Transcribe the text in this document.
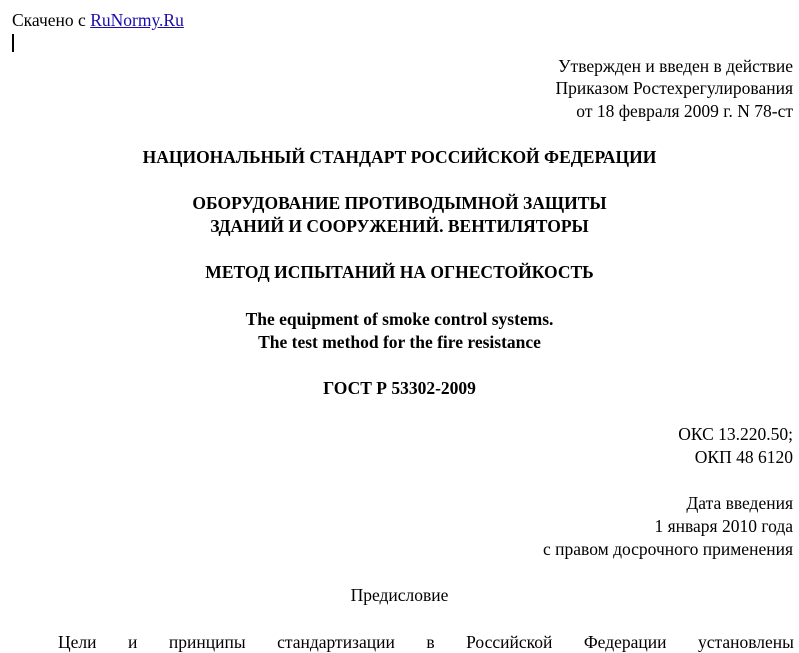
Скачено с RuNormy.Ru
Утвержден и введен в действие
Приказом Ростехрегулирования
от 18 февраля 2009 г. N 78-ст
НАЦИОНАЛЬНЫЙ СТАНДАРТ РОССИЙСКОЙ ФЕДЕРАЦИИ
ОБОРУДОВАНИЕ ПРОТИВОДЫМНОЙ ЗАЩИТЫ
ЗДАНИЙ И СООРУЖЕНИЙ. ВЕНТИЛЯТОРЫ
МЕТОД ИСПЫТАНИЙ НА ОГНЕСТОЙКОСТЬ
The equipment of smoke control systems.
The test method for the fire resistance
ГОСТ Р 53302-2009
ОКС 13.220.50;
ОКП 48 6120
Дата введения
1 января 2010 года
с правом досрочного применения
Предисловие
Цели и принципы стандартизации в Российской Федерации установлены
